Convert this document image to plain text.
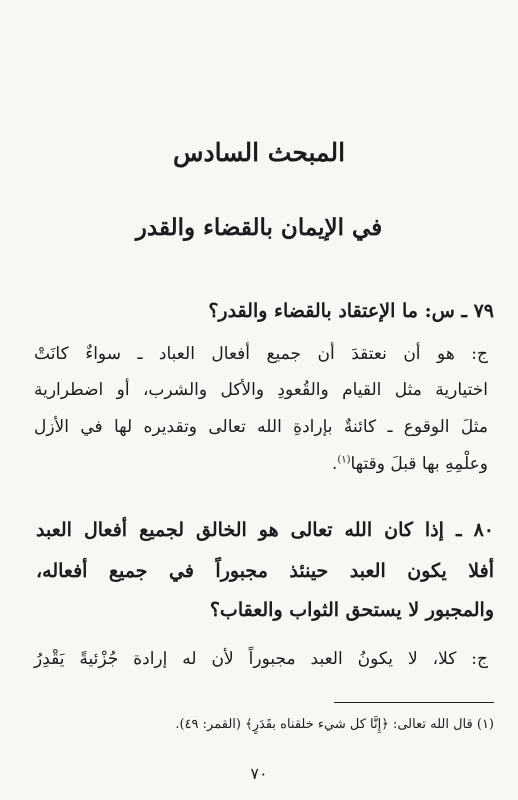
المبحث السادس
في الإيمان بالقضاء والقدر
٧٩ ـ س: ما الإعتقاد بالقضاء والقدر؟
ج: هو أن نعتقدَ أن جميع أفعال العباد ـ سواءٌ كانَتْ
اختيارية مثل القيام والقُعودِ والأكل والشرب، أو اضطرارية
مثلَ الوقوع ـ كائنةٌ بإرادةِ الله تعالى وتقديره لها في الأزل
وعلْمِهِ بها قبلَ وقتها$^{(١)}$.
٨٠ ـ إذا كان الله تعالى هو الخالق لجميع أفعال العبد
أفلا يكون العبد حينئذ مجبوراً في جميع أفعاله،
والمجبور لا يستحق الثواب والعقاب؟
ج: كلا، لا يكونُ العبد مجبوراً لأن له إرادة جُزْئيةً يَقْدِرُ
(١) قال الله تعالى: ﴿إِنَّا كل شيء خلقناه بقَدَرٍ﴾ (القمر: ٤٩).
٧٠
